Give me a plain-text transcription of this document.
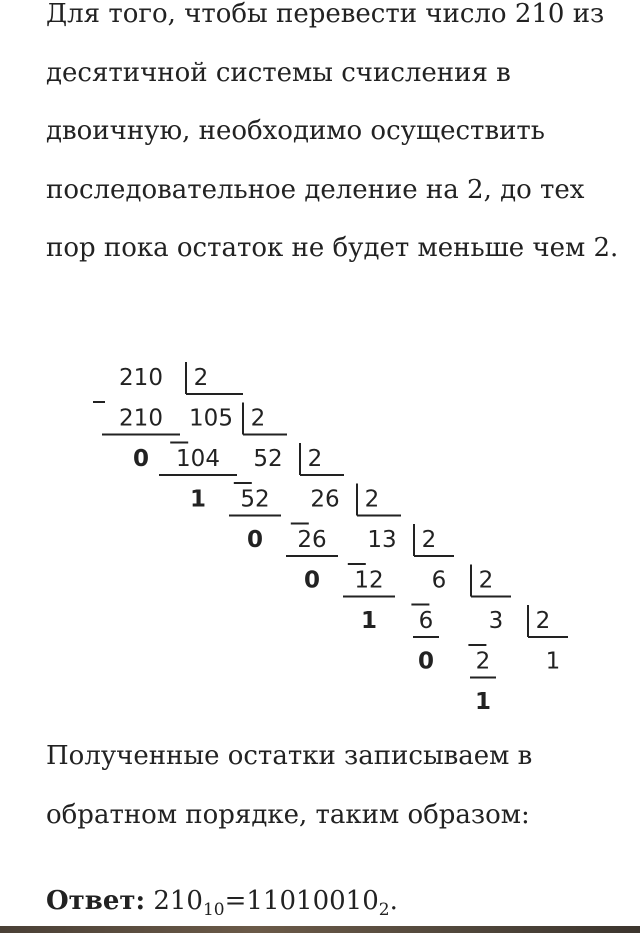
Для того, чтобы перевести число 210 из десятичной системы счисления в двоичную, необходимо осуществить последовательное деление на 2, до тех пор пока остаток не будет меньше чем 2.
210 2
105
210
0
2
52
104
1
2
26
52
0
2
13
26
0
2
6
12
1
2
3
6
0
2
1
2
1
Полученные остатки записываем в обратном порядке, таким образом:
Ответ: $210_{10}=11010010_2$.
